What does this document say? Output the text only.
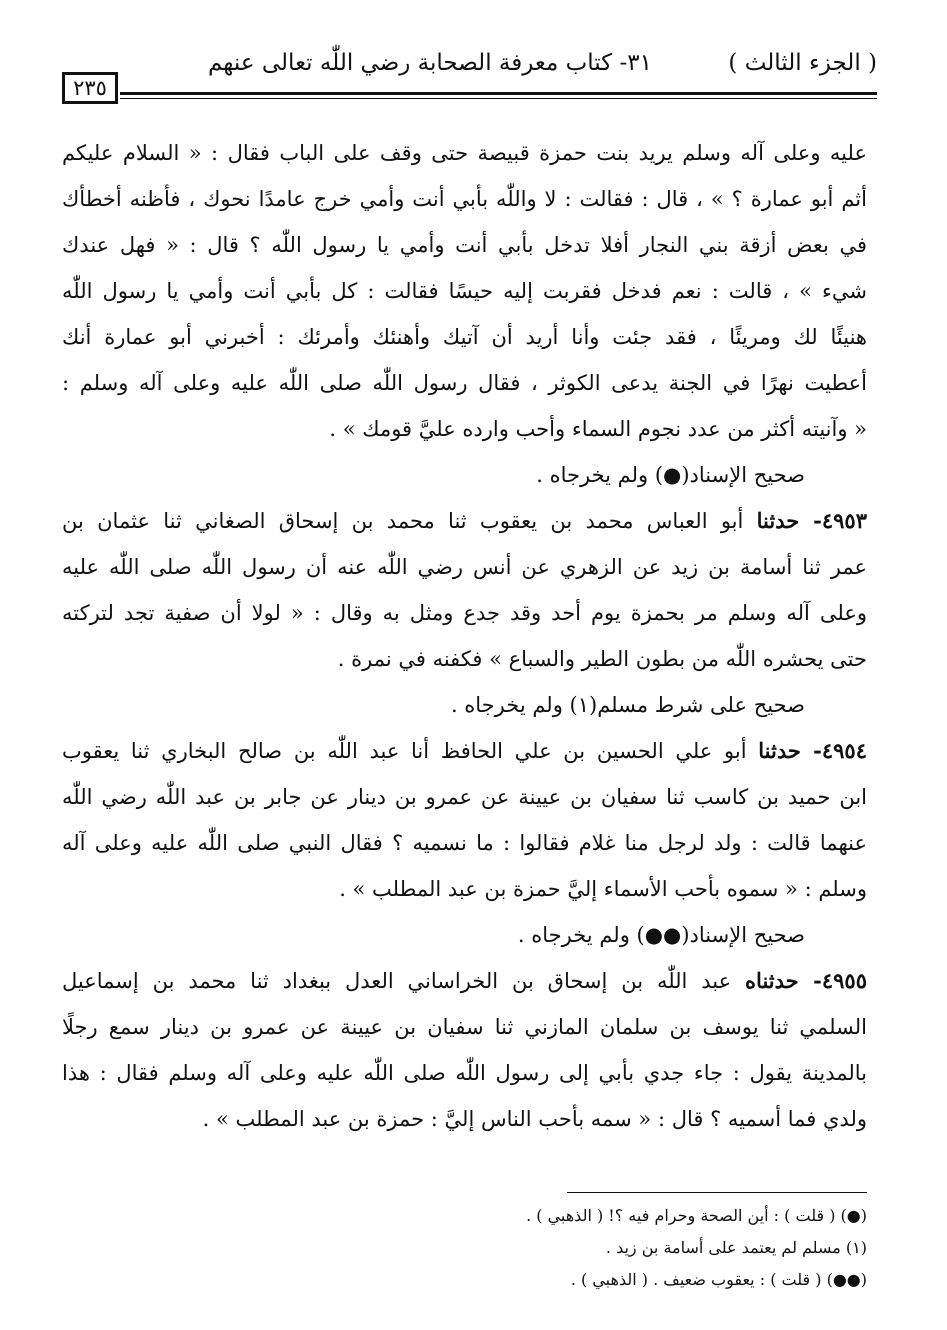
( الجزء الثالث )
٣١- كتاب معرفة الصحابة رضي اللّٰه تعالى عنهم
٢٣٥
عليه وعلى آله وسلم يريد بنت حمزة قبيصة حتى وقف على الباب فقال : « السلام عليكم
أثم أبو عمارة ؟ » ، قال : فقالت : لا واللّٰه بأبي أنت وأمي خرج عامدًا نحوك ، فأظنه أخطأك
في بعض أزقة بني النجار أفلا تدخل بأبي أنت وأمي يا رسول اللّٰه ؟ قال : « فهل عندك
شيء » ، قالت : نعم فدخل فقربت إليه حيسًا فقالت : كل بأبي أنت وأمي يا رسول اللّٰه
هنيئًا لك ومريئًا ، فقد جئت وأنا أريد أن آتيك وأهنئك وأمرئك : أخبرني أبو عمارة أنك
أعطيت نهرًا في الجنة يدعى الكوثر ، فقال رسول اللّٰه صلى اللّٰه عليه وعلى آله وسلم :
« وآنيته أكثر من عدد نجوم السماء وأحب وارده عليَّ قومك » .
صحيح الإسناد(●) ولم يخرجاه .
٤٩٥٣- حدثنا أبو العباس محمد بن يعقوب ثنا محمد بن إسحاق الصغاني ثنا عثمان بن
عمر ثنا أسامة بن زيد عن الزهري عن أنس رضي اللّٰه عنه أن رسول اللّٰه صلى اللّٰه عليه
وعلى آله وسلم مر بحمزة يوم أحد وقد جدع ومثل به وقال : « لولا أن صفية تجد لتركته
حتى يحشره اللّٰه من بطون الطير والسباع » فكفنه في نمرة .
صحيح على شرط مسلم(١) ولم يخرجاه .
٤٩٥٤- حدثنا أبو علي الحسين بن علي الحافظ أنا عبد اللّٰه بن صالح البخاري ثنا يعقوب
ابن حميد بن كاسب ثنا سفيان بن عيينة عن عمرو بن دينار عن جابر بن عبد اللّٰه رضي اللّٰه
عنهما قالت : ولد لرجل منا غلام فقالوا : ما نسميه ؟ فقال النبي صلى اللّٰه عليه وعلى آله
وسلم : « سموه بأحب الأسماء إليَّ حمزة بن عبد المطلب » .
صحيح الإسناد(●●) ولم يخرجاه .
٤٩٥٥- حدثناه عبد اللّٰه بن إسحاق بن الخراساني العدل ببغداد ثنا محمد بن إسماعيل
السلمي ثنا يوسف بن سلمان المازني ثنا سفيان بن عيينة عن عمرو بن دينار سمع رجلًا
بالمدينة يقول : جاء جدي بأبي إلى رسول اللّٰه صلى اللّٰه عليه وعلى آله وسلم فقال : هذا
ولدي فما أسميه ؟ قال : « سمه بأحب الناس إليَّ : حمزة بن عبد المطلب » .
(●) ( قلت ) : أين الصحة وحرام فيه ؟! ( الذهبي ) .
(١) مسلم لم يعتمد على أسامة بن زيد .
(●●) ( قلت ) : يعقوب ضعيف . ( الذهبي ) .
